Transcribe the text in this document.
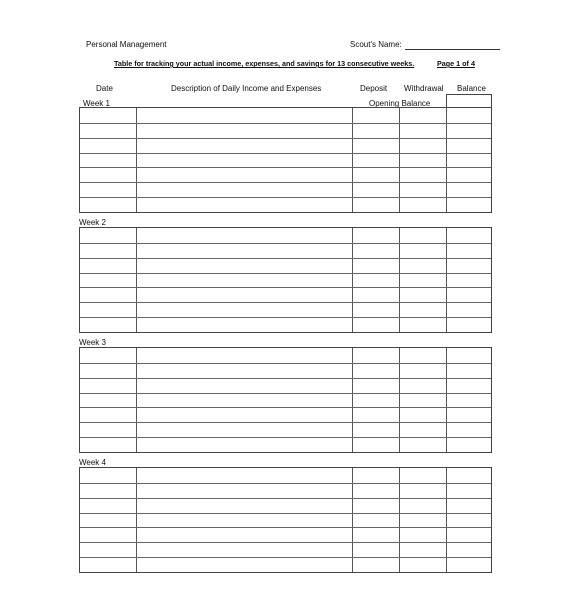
Personal Management	Scout's Name:
Table for tracking your actual income, expenses, and savings for 13 consecutive weeks.	Page 1 of 4
Date	Description of Daily Income and Expenses	Deposit Withdrawal Balance
Opening Balance
Week 1
Week 2
Week 3
Week 4
